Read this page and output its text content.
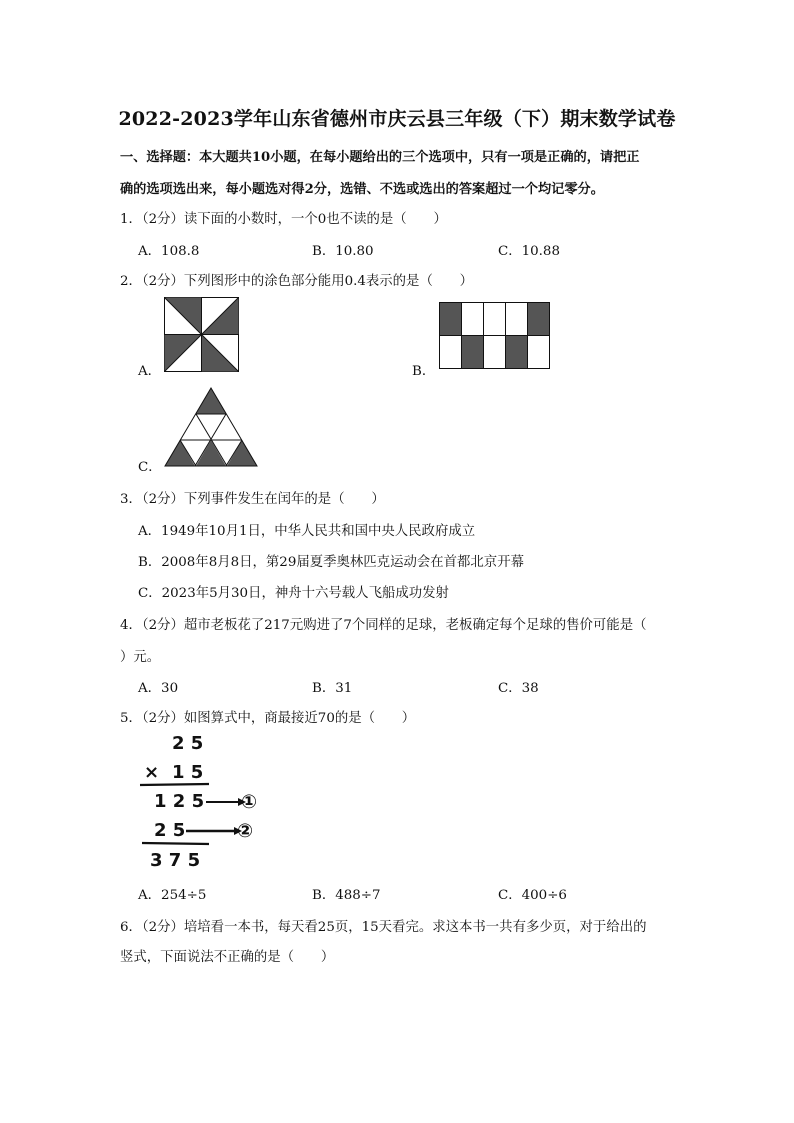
2022-2023学年山东省德州市庆云县三年级（下）期末数学试卷
一、选择题：本大题共10小题，在每小题给出的三个选项中，只有一项是正确的，请把正
确的选项选出来，每小题选对得2分，选错、不选或选出的答案超过一个均记零分。
1．（2分）读下面的小数时，一个0也不读的是（　　）
A．108.8	B．10.80	C．10.88
2．（2分）下列图形中的涂色部分能用0.4表示的是（　　）
A．	B．
C．
3．（2分）下列事件发生在闰年的是（　　）
A．1949年10月1日，中华人民共和国中央人民政府成立
B．2008年8月8日，第29届夏季奥林匹克运动会在首都北京开幕
C．2023年5月30日，神舟十六号载人飞船成功发射
4．（2分）超市老板花了217元购进了7个同样的足球，老板确定每个足球的售价可能是（
）元。
A．30	B．31	C．38
5．（2分）如图算式中，商最接近70的是（　　）
2 5
× 1 5
1 2 5
2 5
3 7 5
①
②
A．254÷5	B．488÷7	C．400÷6
6．（2分）培培看一本书，每天看25页，15天看完。求这本书一共有多少页，对于给出的
竖式，下面说法不正确的是（　　）
